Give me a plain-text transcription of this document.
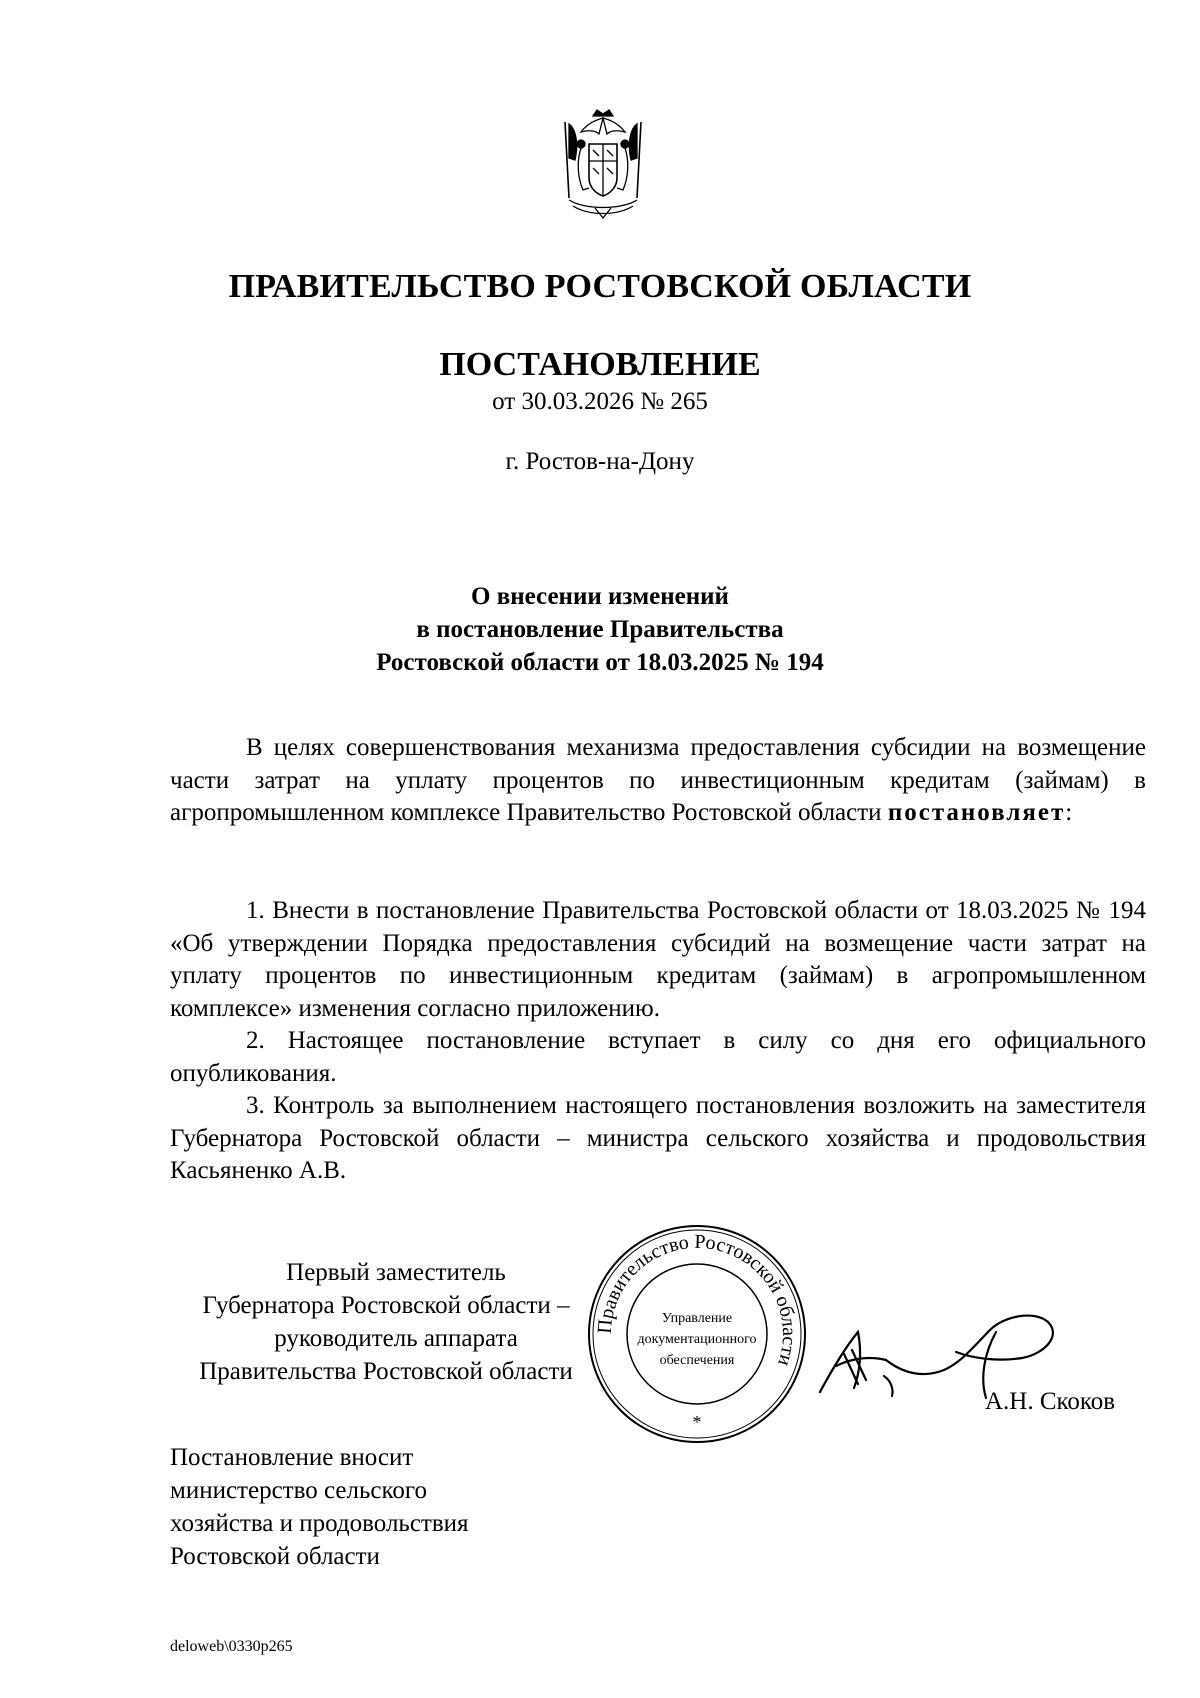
ПРАВИТЕЛЬСТВО РОСТОВСКОЙ ОБЛАСТИ
ПОСТАНОВЛЕНИЕ
от 30.03.2026 № 265
г. Ростов-на-Дону
О внесении изменений
в постановление Правительства
Ростовской области от 18.03.2025 № 194

В целях совершенствования механизма предоставления субсидии на возмещение части затрат на уплату процентов по инвестиционным кредитам (займам) в агропромышленном комплексе Правительство Ростовской области постановляет:

1. Внести в постановление Правительства Ростовской области от 18.03.2025 № 194 «Об утверждении Порядка предоставления субсидий на возмещение части затрат на уплату процентов по инвестиционным кредитам (займам) в агропромышленном комплексе» изменения согласно приложению.

2. Настоящее постановление вступает в силу со дня его официального опубликования.

3. Контроль за выполнением настоящего постановления возложить на заместителя Губернатора Ростовской области – министра сельского хозяйства и продовольствия Касьяненко А.В.

Первый заместитель
Губернатора Ростовской области –
руководитель аппарата
Правительства Ростовской области
Правительство Ростовской области
Управление
документационного
обеспечения
*
А.Н. Скоков
Постановление вносит
министерство сельского
хозяйства и продовольствия
Ростовской области
deloweb\0330p265
